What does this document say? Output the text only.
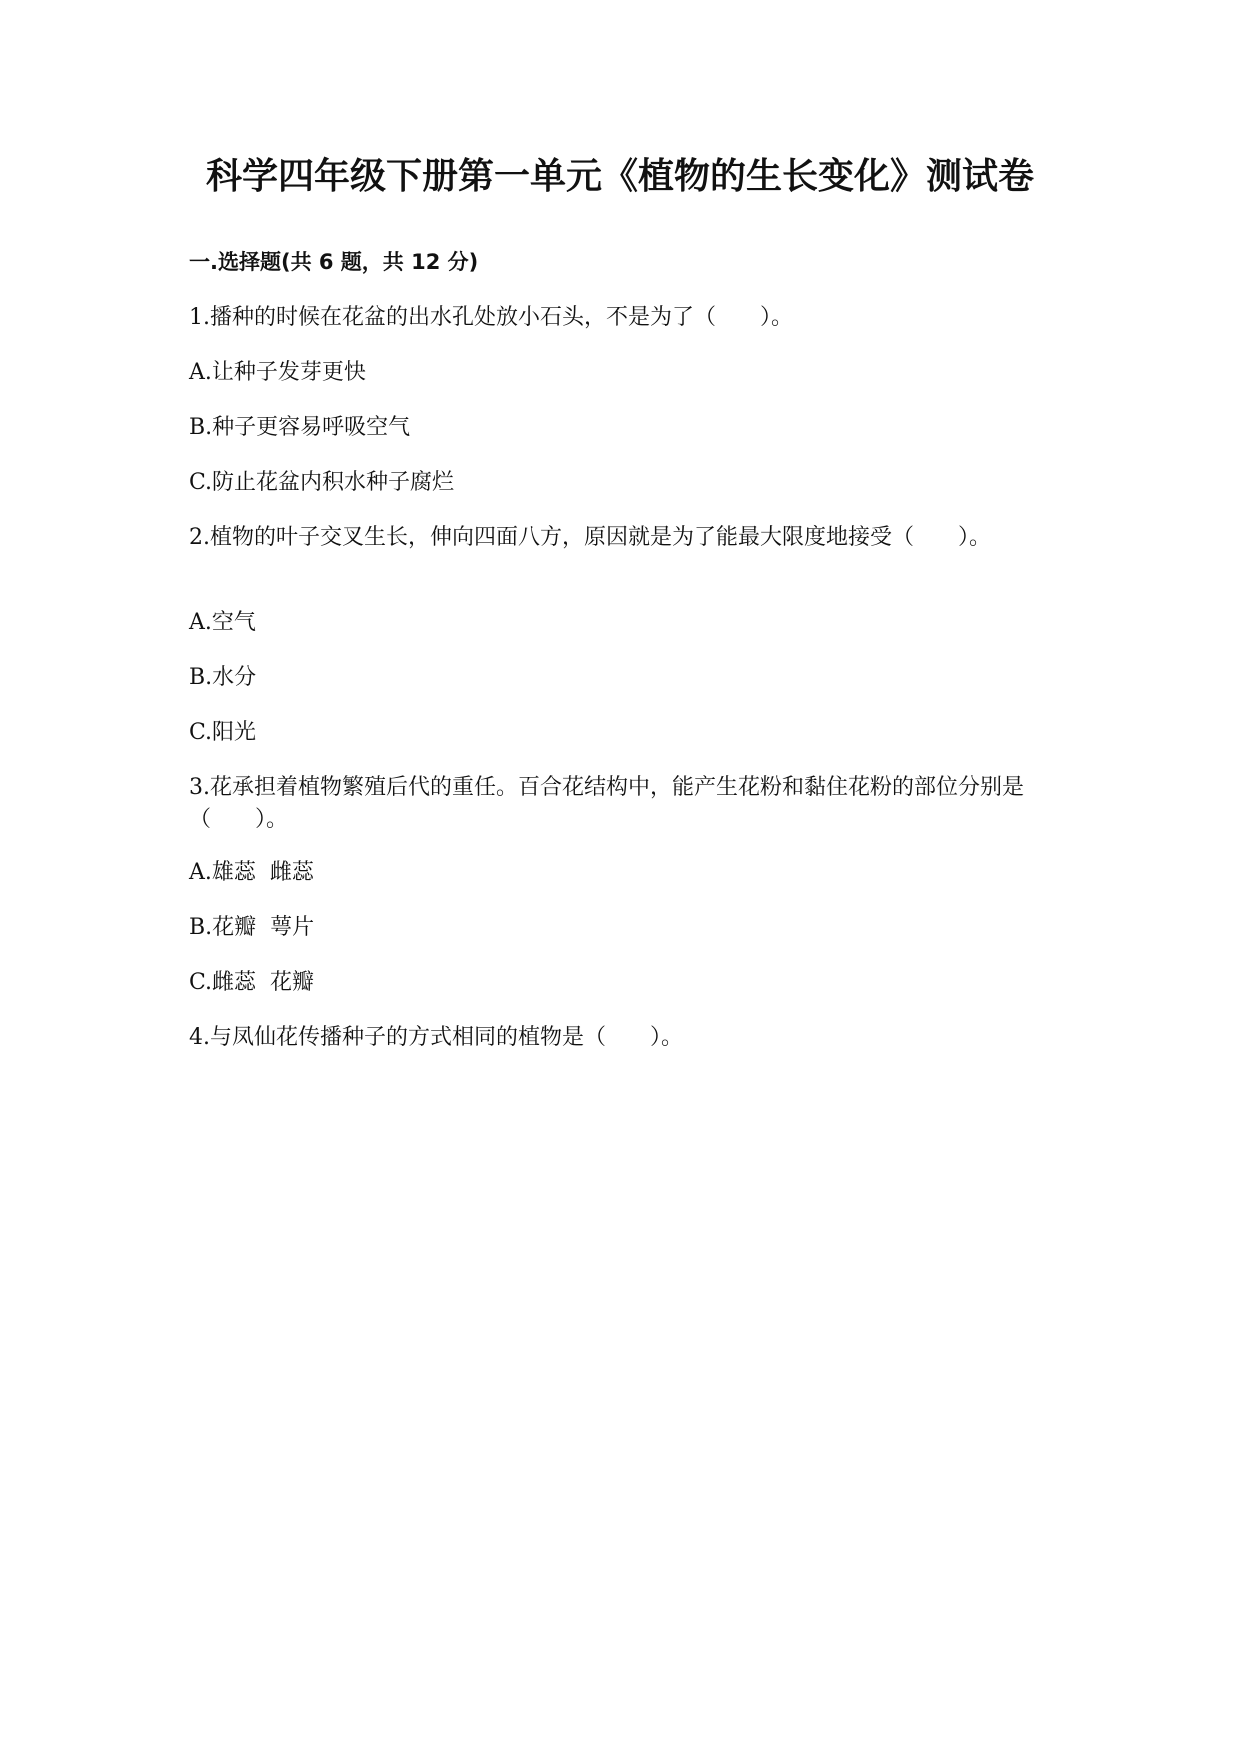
科学四年级下册第一单元《植物的生长变化》测试卷
一.选择题(共 6 题，共 12 分)

1.播种的时候在花盆的出水孔处放小石头，不是为了（　　）。

A.让种子发芽更快

B.种子更容易呼吸空气

C.防止花盆内积水种子腐烂

2.植物的叶子交叉生长，伸向四面八方，原因就是为了能最大限度地接受（　　）。

A.空气

B.水分

C.阳光

3.花承担着植物繁殖后代的重任。百合花结构中，能产生花粉和黏住花粉的部位分别是（　　）。

A.雄蕊  雌蕊

B.花瓣  萼片

C.雌蕊  花瓣

4.与凤仙花传播种子的方式相同的植物是（　　）。
